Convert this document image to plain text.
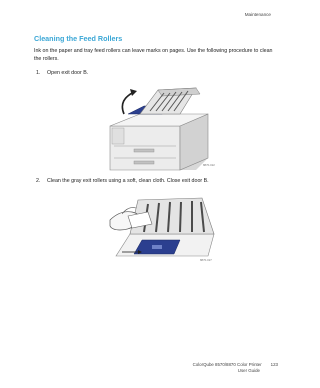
Maintenance
Cleaning the Feed Rollers
Ink on the paper and tray feed rollers can leave marks on pages. Use the following procedure to clean the rollers.
1. Open exit door B.
8870-022
2. Clean the gray exit rollers using a soft, clean cloth. Close exit door B.
8870-027
ColorQube 8570/8870 Color Printer 123
User Guide
